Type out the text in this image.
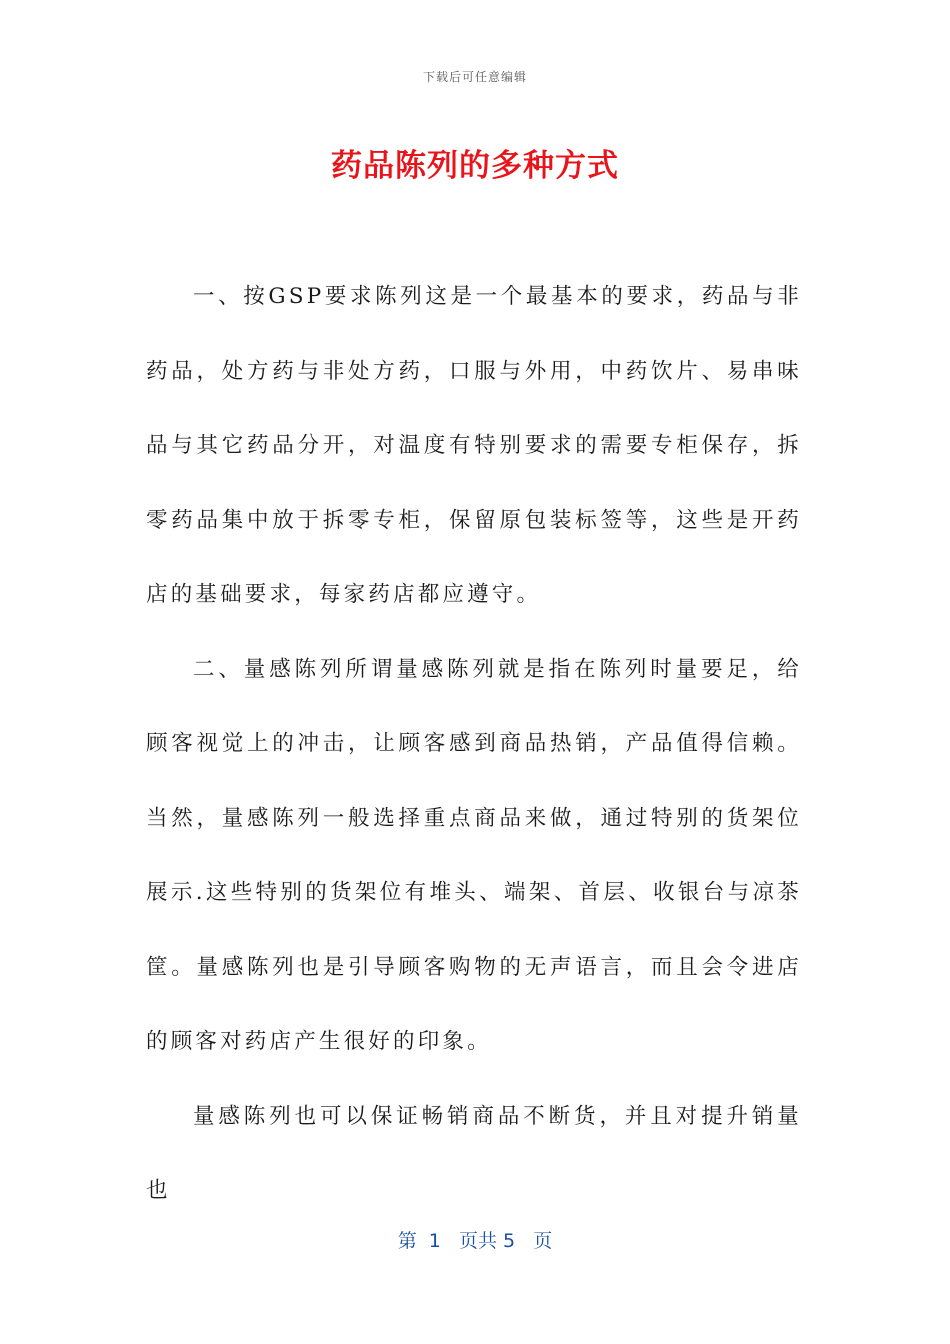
下载后可任意编辑
药品陈列的多种方式

一、按GSP要求陈列这是一个最基本的要求，药品与非药品，处方药与非处方药，口服与外用，中药饮片、易串味品与其它药品分开，对温度有特别要求的需要专柜保存，拆零药品集中放于拆零专柜，保留原包装标签等，这些是开药店的基础要求，每家药店都应遵守。

二、量感陈列所谓量感陈列就是指在陈列时量要足，给顾客视觉上的冲击，让顾客感到商品热销，产品值得信赖。当然，量感陈列一般选择重点商品来做，通过特别的货架位展示.这些特别的货架位有堆头、端架、首层、收银台与凉茶筐。量感陈列也是引导顾客购物的无声语言，而且会令进店的顾客对药店产生很好的印象。

量感陈列也可以保证畅销商品不断货，并且对提升销量也

第  1   页共 5   页
